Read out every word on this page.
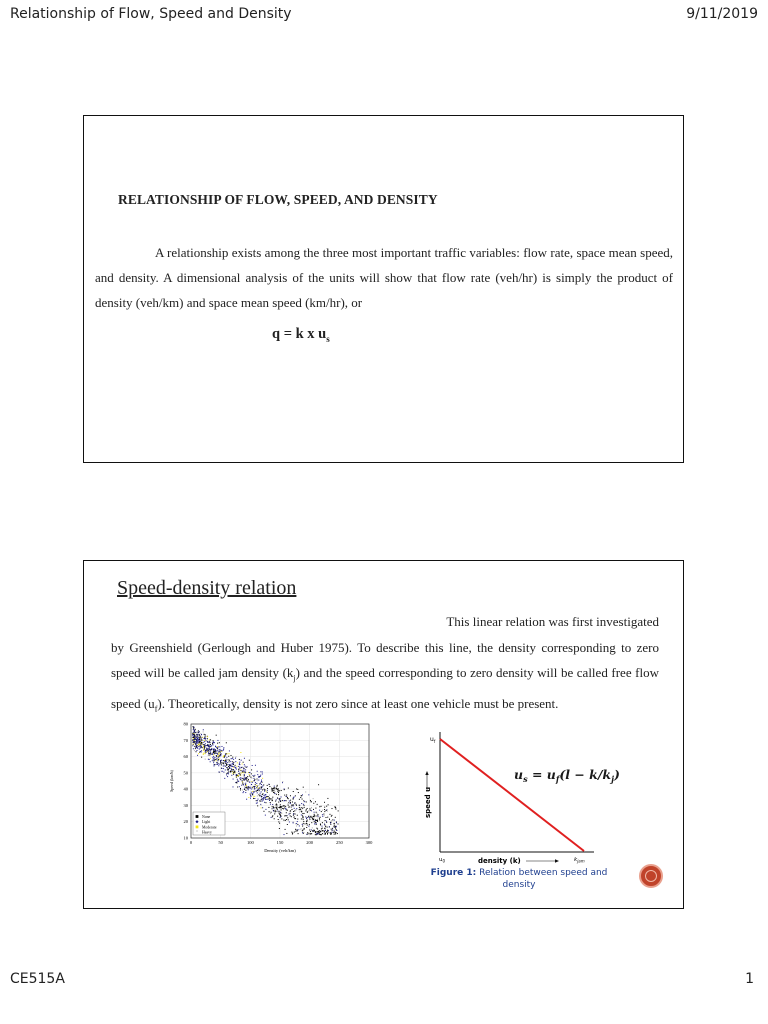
Relationship of Flow, Speed and Density	9/11/2019
RELATIONSHIP OF FLOW, SPEED, AND DENSITY
A relationship exists among the three most important traffic variables: flow rate, space mean speed, and density. A dimensional analysis of the units will show that flow rate (veh/hr) is simply the product of density (veh/km) and space mean speed (km/hr), or
q = k x $u_s$
Speed-density relation
This linear relation was first investigated
by Greenshield (Gerlough and Huber 1975). To describe this line, the density corresponding to zero speed will be called jam density $(k_j)$ and the speed corresponding to zero density will be called free flow speed $(u_f)$. Theoretically, density is not zero since at least one vehicle must be present.
0	50	100	150	200	250	300
10
20
30
40
50
60
70
80
Speed (km/h)
Density (veh/km)
None
Light
Moderate
* Heavy
$u_f$
speed u
$u_0$	density (k)	$k_{jam}$
$u_s = u_f(l - k/k_j)$
Figure 1: Relation between speed and density
CE515A	1
